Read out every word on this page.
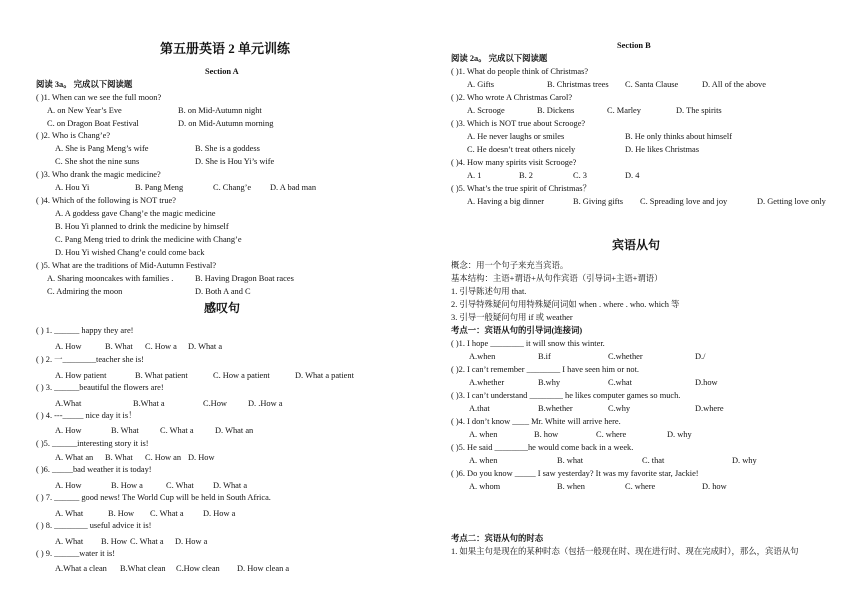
第五册英语 2 单元训练
Section A
阅读 3a。 完成以下阅读题
( )1. When can we see the full moon?
A. on New Year’s Eve	B. on Mid-Autumn night
C. on Dragon Boat Festival	D. on Mid-Autumn morning
( )2. Who is Chang’e?
A. She is Pang Meng’s wife	B. She is a goddess
C. She shot the nine suns	D. She is Hou Yi’s wife
( )3. Who drank the magic medicine?
A. Hou Yi	B. Pang Meng	C. Chang’e D. A bad man
( )4. Which of the following is NOT true?
A. A goddess gave Chang’e the magic medicine
B. Hou Yi planned to drink the medicine by himself
C. Pang Meng tried to drink the medicine with Chang’e
D. Hou Yi wished Chang’e could come back
( )5. What are the traditions of Mid-Autumn Festival?
A. Sharing mooncakes with families .	B. Having Dragon Boat races
C. Admiring the moon	D. Both A and C
感叹句
( ) 1. ______ happy they are!
A. How	B. What C. How a D. What a
( ) 2. 一________teacher she is!
A. How patient	B. What patient	C. How a patient	D. What a patient
( ) 3. ______beautiful the flowers are!
A.What	B.What a	C.How	D. .How a
( ) 4. ---_____ nice day it is！
A. How	B. What	C. What a	D. What an
( )5. ______interesting story it is!
A. What an B. What C. How an D. How
( )6. _____bad weather it is today!
A. How	B. How a	C. What D. What a
( ) 7. ______ good news! The World Cup will be held in South Africa.
A. What	B. How C. What a D. How a
( ) 8. ________ useful advice it is!
A. What B. How C. What a D. How a
( ) 9. ______water it is!
A.What a clean B.What clean C.How clean D. How clean a
Section B
阅读 2a。 完成以下阅读题
( )1. What do people think of Christmas?
A. Gifts	B. Christmas trees C. Santa Clause	D. All of the above
( )2. Who wrote A Christmas Carol?
A. Scrooge	B. Dickens	C. Marley	D. The spirits
( )3. Which is NOT true about Scrooge?
A. He never laughs or smiles	B. He only thinks about himself
C. He doesn’t treat others nicely	D. He likes Christmas
( )4. How many spirits visit Scrooge?
A. 1	B. 2	C. 3	D. 4
( )5. What’s the true spirit of Christmas？
A. Having a big dinner	B. Giving gifts C. Spreading love and joy	D. Getting love only
宾语从句
概念：用一个句子来充当宾语。
基本结构：主语+谓语+从句作宾语（引导词+主语+谓语）
1. 引导陈述句用 that.
2. 引导特殊疑问句用特殊疑问词如 when . where . who. which 等
3. 引导一般疑问句用 if 或 weather
考点一：宾语从句的引导词(连接词)
( )1. I hope ________ it will snow this winter.
A.when	B.if	C.whether	D./
( )2. I can’t remember ________ I have seen him or not.
A.whether	B.why	C.what	D.how
( )3. I can’t understand ________ he likes computer games so much.
A.that	B.whether	C.why	D.where
( )4. I don’t know ____ Mr. White will arrive here.
A. when	B. how	C. where	D. why
( )5. He said ________he would come back in a week.
A. when	B. what	C. that	D. why
( )6. Do you know _____ I saw yesterday? It was my favorite star, Jackie!
A. whom	B. when	C. where	D. how
考点二：宾语从句的时态
1. 如果主句是现在的某种时态（包括一般现在时、现在进行时、现在完成时），那么，宾语从句
